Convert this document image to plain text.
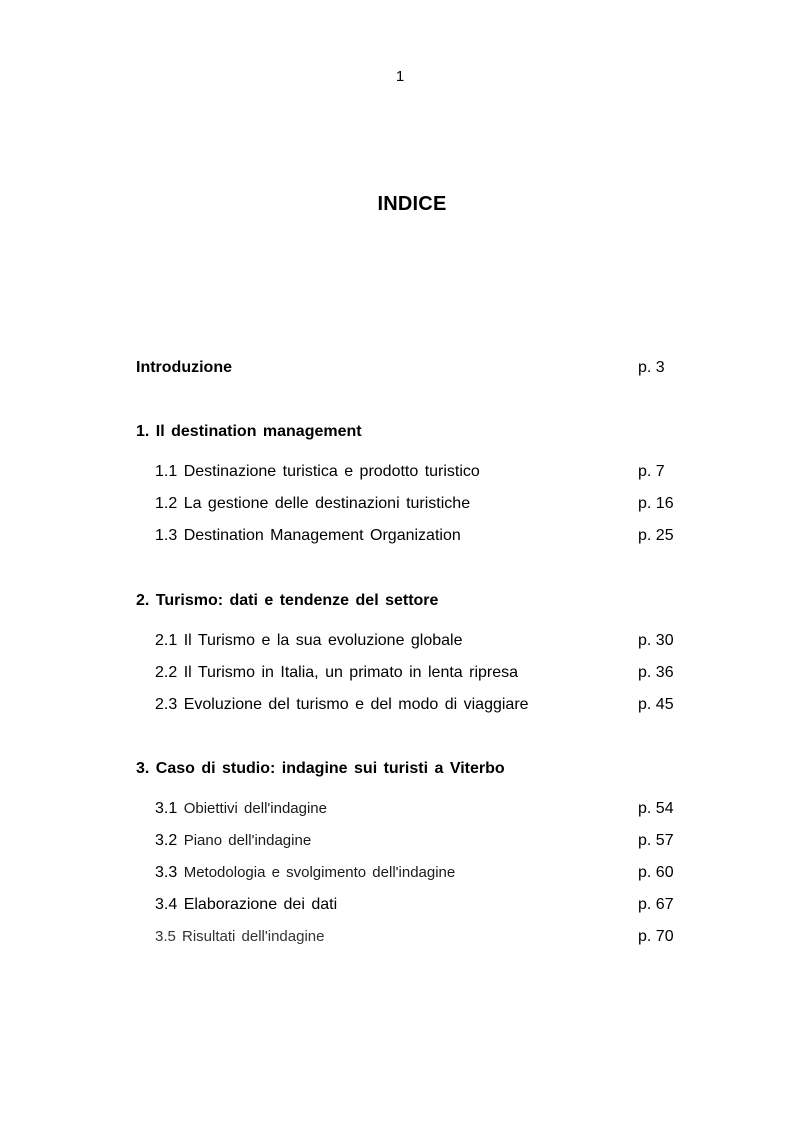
1
INDICE
Introduzione	p. 3
1. Il destination management
1.1 Destinazione turistica e prodotto turistico	p. 7
1.2 La gestione delle destinazioni turistiche	p. 16
1.3 Destination Management Organization	p. 25
2. Turismo: dati e tendenze del settore
2.1 Il Turismo e la sua evoluzione globale	p. 30
2.2 Il Turismo in Italia, un primato in lenta ripresa	p. 36
2.3 Evoluzione del turismo e del modo di viaggiare	p. 45
3. Caso di studio: indagine sui turisti a Viterbo
3.1 Obiettivi dell'indagine	p. 54
3.2 Piano dell'indagine	p. 57
3.3 Metodologia e svolgimento dell'indagine	p. 60
3.4 Elaborazione dei dati	p. 67
3.5 Risultati dell'indagine	p. 70
